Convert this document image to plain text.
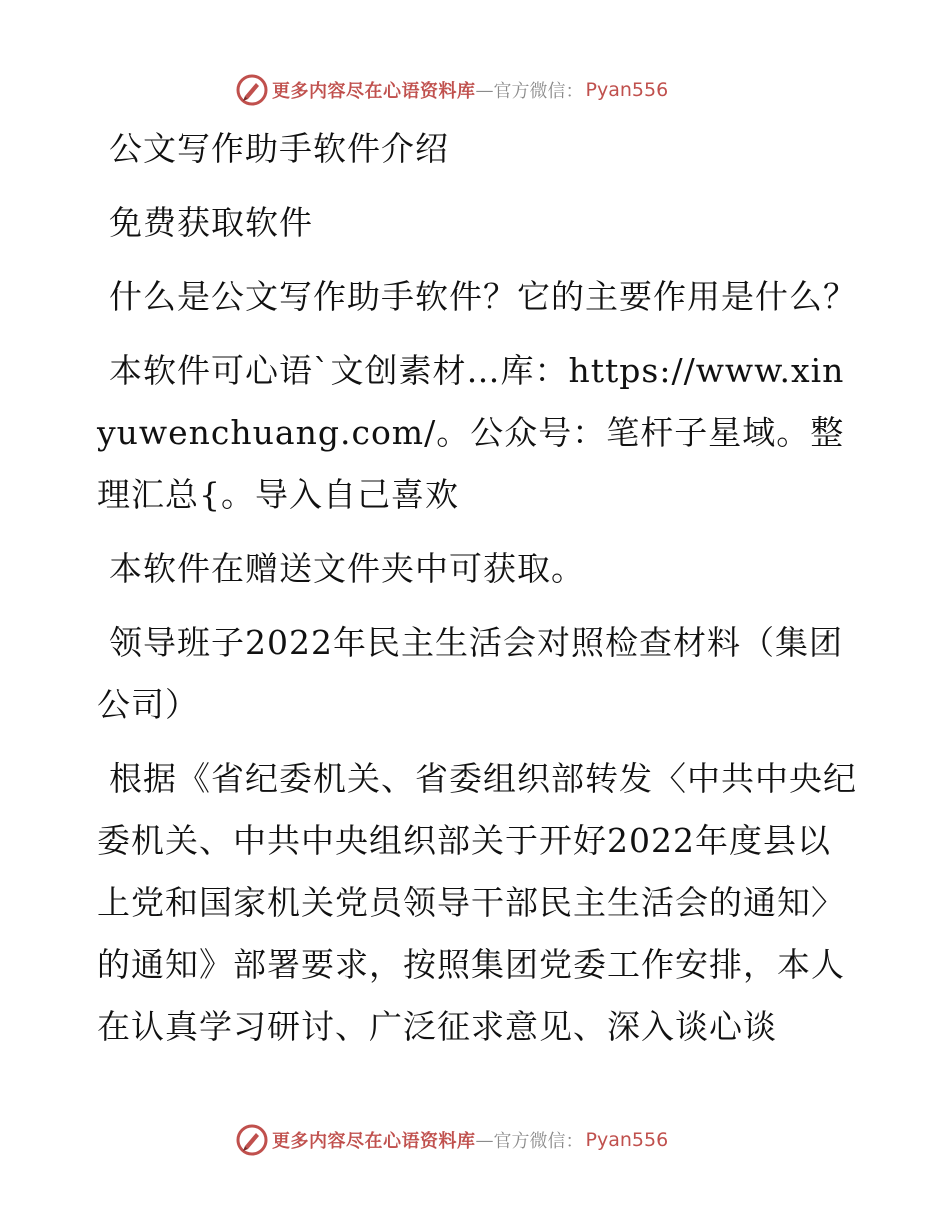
更多内容尽在心语资料库 — 官方微信： Pyan556

公文写作助手软件介绍

免费获取软件

什么是公文写作助手软件？它的主要作用是什么？

本软件可心语`文创素材…库：https://www.xinyuwenchuang.com/。公众号：笔杆子星域。整理汇总{。导入自己喜欢

本软件在赠送文件夹中可获取。

领导班子2022年民主生活会对照检查材料（集团公司）

根据《省纪委机关、省委组织部转发〈中共中央纪委机关、中共中央组织部关于开好2022年度县以上党和国家机关党员领导干部民主生活会的通知〉的通知》部署要求，按照集团党委工作安排，本人在认真学习研讨、广泛征求意见、深入谈心谈

更多内容尽在心语资料库 — 官方微信： Pyan556
